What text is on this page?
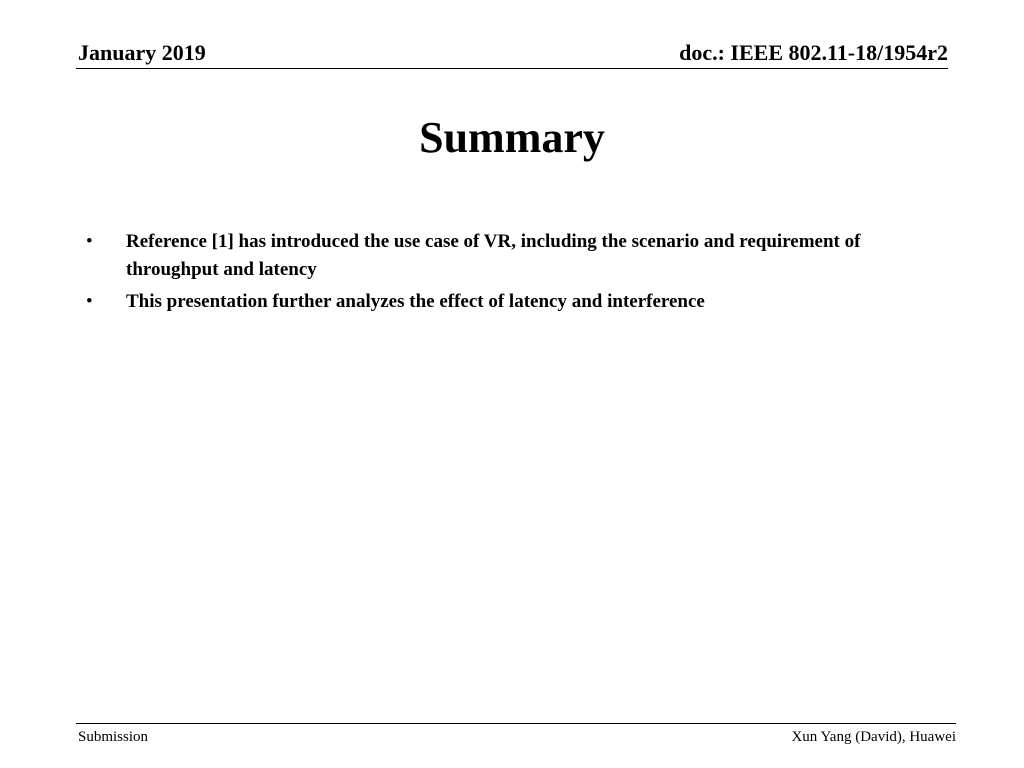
January 2019	doc.: IEEE 802.11-18/1954r2
Summary
• Reference [1] has introduced the use case of VR, including the scenario and requirement of throughput and latency
• This presentation further analyzes the effect of latency and interference
Submission	Xun Yang (David), Huawei
